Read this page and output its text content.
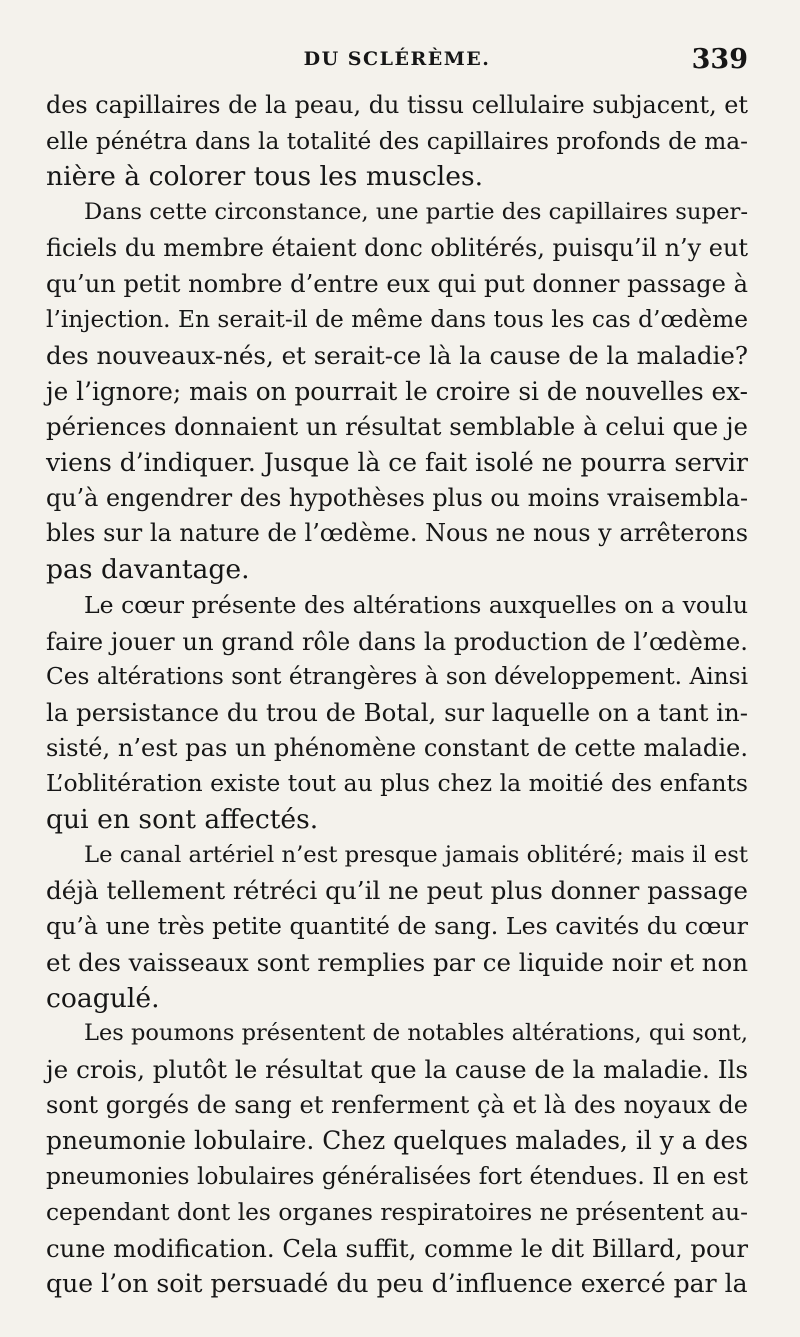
DU SCLÉRÈME.	339
des capillaires de la peau, du tissu cellulaire subjacent, et
elle pénétra dans la totalité des capillaires profonds de ma-
nière à colorer tous les muscles.
Dans cette circonstance, une partie des capillaires super-
ficiels du membre étaient donc oblitérés, puisqu’il n’y eut
qu’un petit nombre d’entre eux qui put donner passage à
l’injection. En serait-il de même dans tous les cas d’œdème
des nouveaux-nés, et serait-ce là la cause de la maladie?
je l’ignore; mais on pourrait le croire si de nouvelles ex-
périences donnaient un résultat semblable à celui que je
viens d’indiquer. Jusque là ce fait isolé ne pourra servir
qu’à engendrer des hypothèses plus ou moins vraisembla-
bles sur la nature de l’œdème. Nous ne nous y arrêterons
pas davantage.
Le cœur présente des altérations auxquelles on a voulu
faire jouer un grand rôle dans la production de l’œdème.
Ces altérations sont étrangères à son développement. Ainsi
la persistance du trou de Botal, sur laquelle on a tant in-
sisté, n’est pas un phénomène constant de cette maladie.
L’oblitération existe tout au plus chez la moitié des enfants
qui en sont affectés.
Le canal artériel n’est presque jamais oblitéré; mais il est
déjà tellement rétréci qu’il ne peut plus donner passage
qu’à une très petite quantité de sang. Les cavités du cœur
et des vaisseaux sont remplies par ce liquide noir et non
coagulé.
Les poumons présentent de notables altérations, qui sont,
je crois, plutôt le résultat que la cause de la maladie. Ils
sont gorgés de sang et renferment çà et là des noyaux de
pneumonie lobulaire. Chez quelques malades, il y a des
pneumonies lobulaires généralisées fort étendues. Il en est
cependant dont les organes respiratoires ne présentent au-
cune modification. Cela suffit, comme le dit Billard, pour
que l’on soit persuadé du peu d’influence exercé par la
